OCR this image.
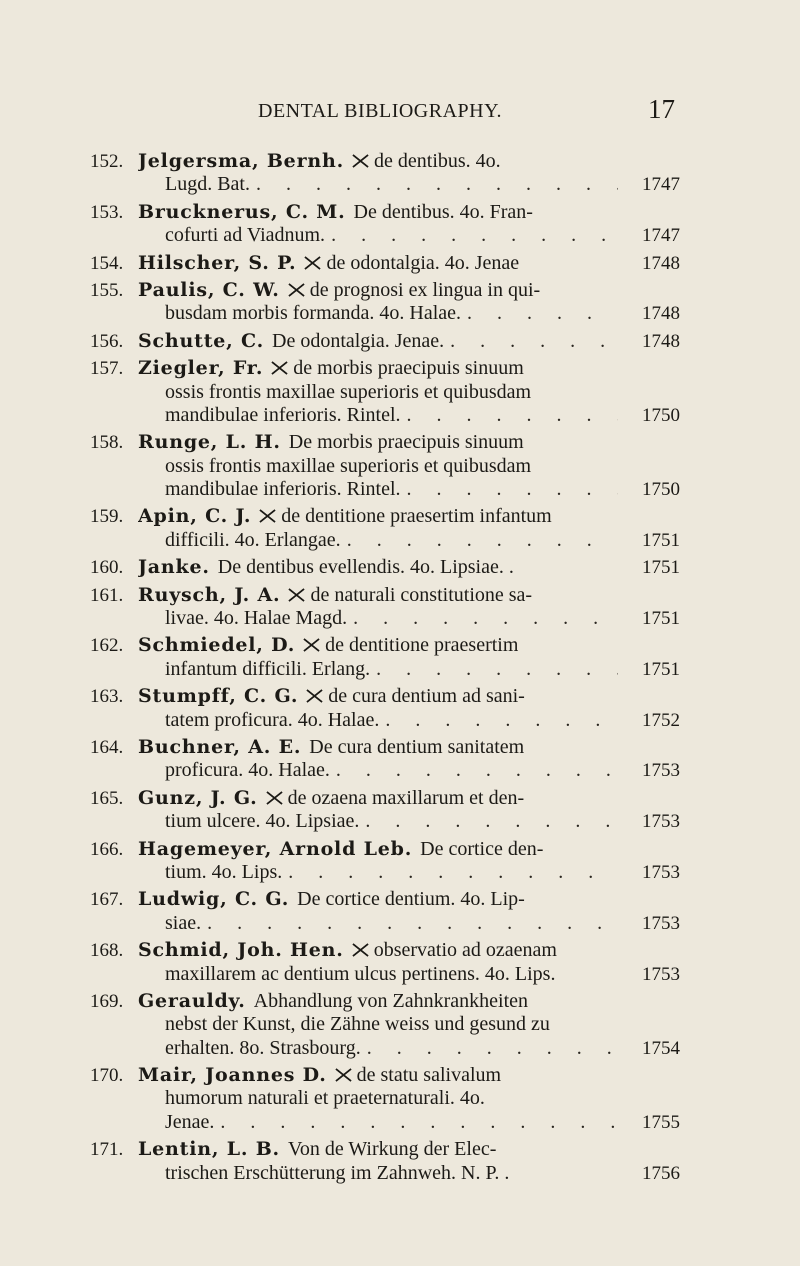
DENTAL BIBLIOGRAPHY.	17
152. Jelgersma, Bernh. de dentibus. 4o.
Lugd. Bat. . . .	1747
153. Brucknerus, C. M. De dentibus. 4o. Fran-
cofurti ad Viadnum. . . .	1747
154. Hilscher, S. P. de odontalgia. 4o. Jenae	1748
155. Paulis, C. W. de prognosi ex lingua in qui-
busdam morbis formanda. 4o. Halae. . . .	1748
156. Schutte, C. De odontalgia. Jenae. . . .	1748
157. Ziegler, Fr. de morbis praecipuis sinuum
ossis frontis maxillae superioris et quibusdam
mandibulae inferioris. Rintel. . . .	1750
158. Runge, L. H. De morbis praecipuis sinuum
ossis frontis maxillae superioris et quibusdam
mandibulae inferioris. Rintel. . . .	1750
159. Apin, C. J. de dentitione praesertim infantum
difficili. 4o. Erlangae. . . .	1751
160. Janke. De dentibus evellendis. 4o. Lipsiae. .	1751
161. Ruysch, J. A. de naturali constitutione sa-
livae. 4o. Halae Magd. . . .	1751
162. Schmiedel, D. de dentitione praesertim
infantum difficili. Erlang. . . .	1751
163. Stumpff, C. G. de cura dentium ad sani-
tatem proficura. 4o. Halae. . . .	1752
164. Buchner, A. E. De cura dentium sanitatem
proficura. 4o. Halae. . . .	1753
165. Gunz, J. G. de ozaena maxillarum et den-
tium ulcere. 4o. Lipsiae. . . .	1753
166. Hagemeyer, Arnold Leb. De cortice den-
tium. 4o. Lips. . . .	1753
167. Ludwig, C. G. De cortice dentium. 4o. Lip-
siae. . . .	1753
168. Schmid, Joh. Hen. observatio ad ozaenam
maxillarem ac dentium ulcus pertinens. 4o. Lips.	1753
169. Gerauldy. Abhandlung von Zahnkrankheiten
nebst der Kunst, die Zähne weiss und gesund zu
erhalten. 8o. Strasbourg. . . .	1754
170. Mair, Joannes D. de statu salivalum
humorum naturali et praeternaturali. 4o.
Jenae. . . .	1755
171. Lentin, L. B. Von de Wirkung der Elec-
trischen Erschütterung im Zahnweh. N. P. .	1756
